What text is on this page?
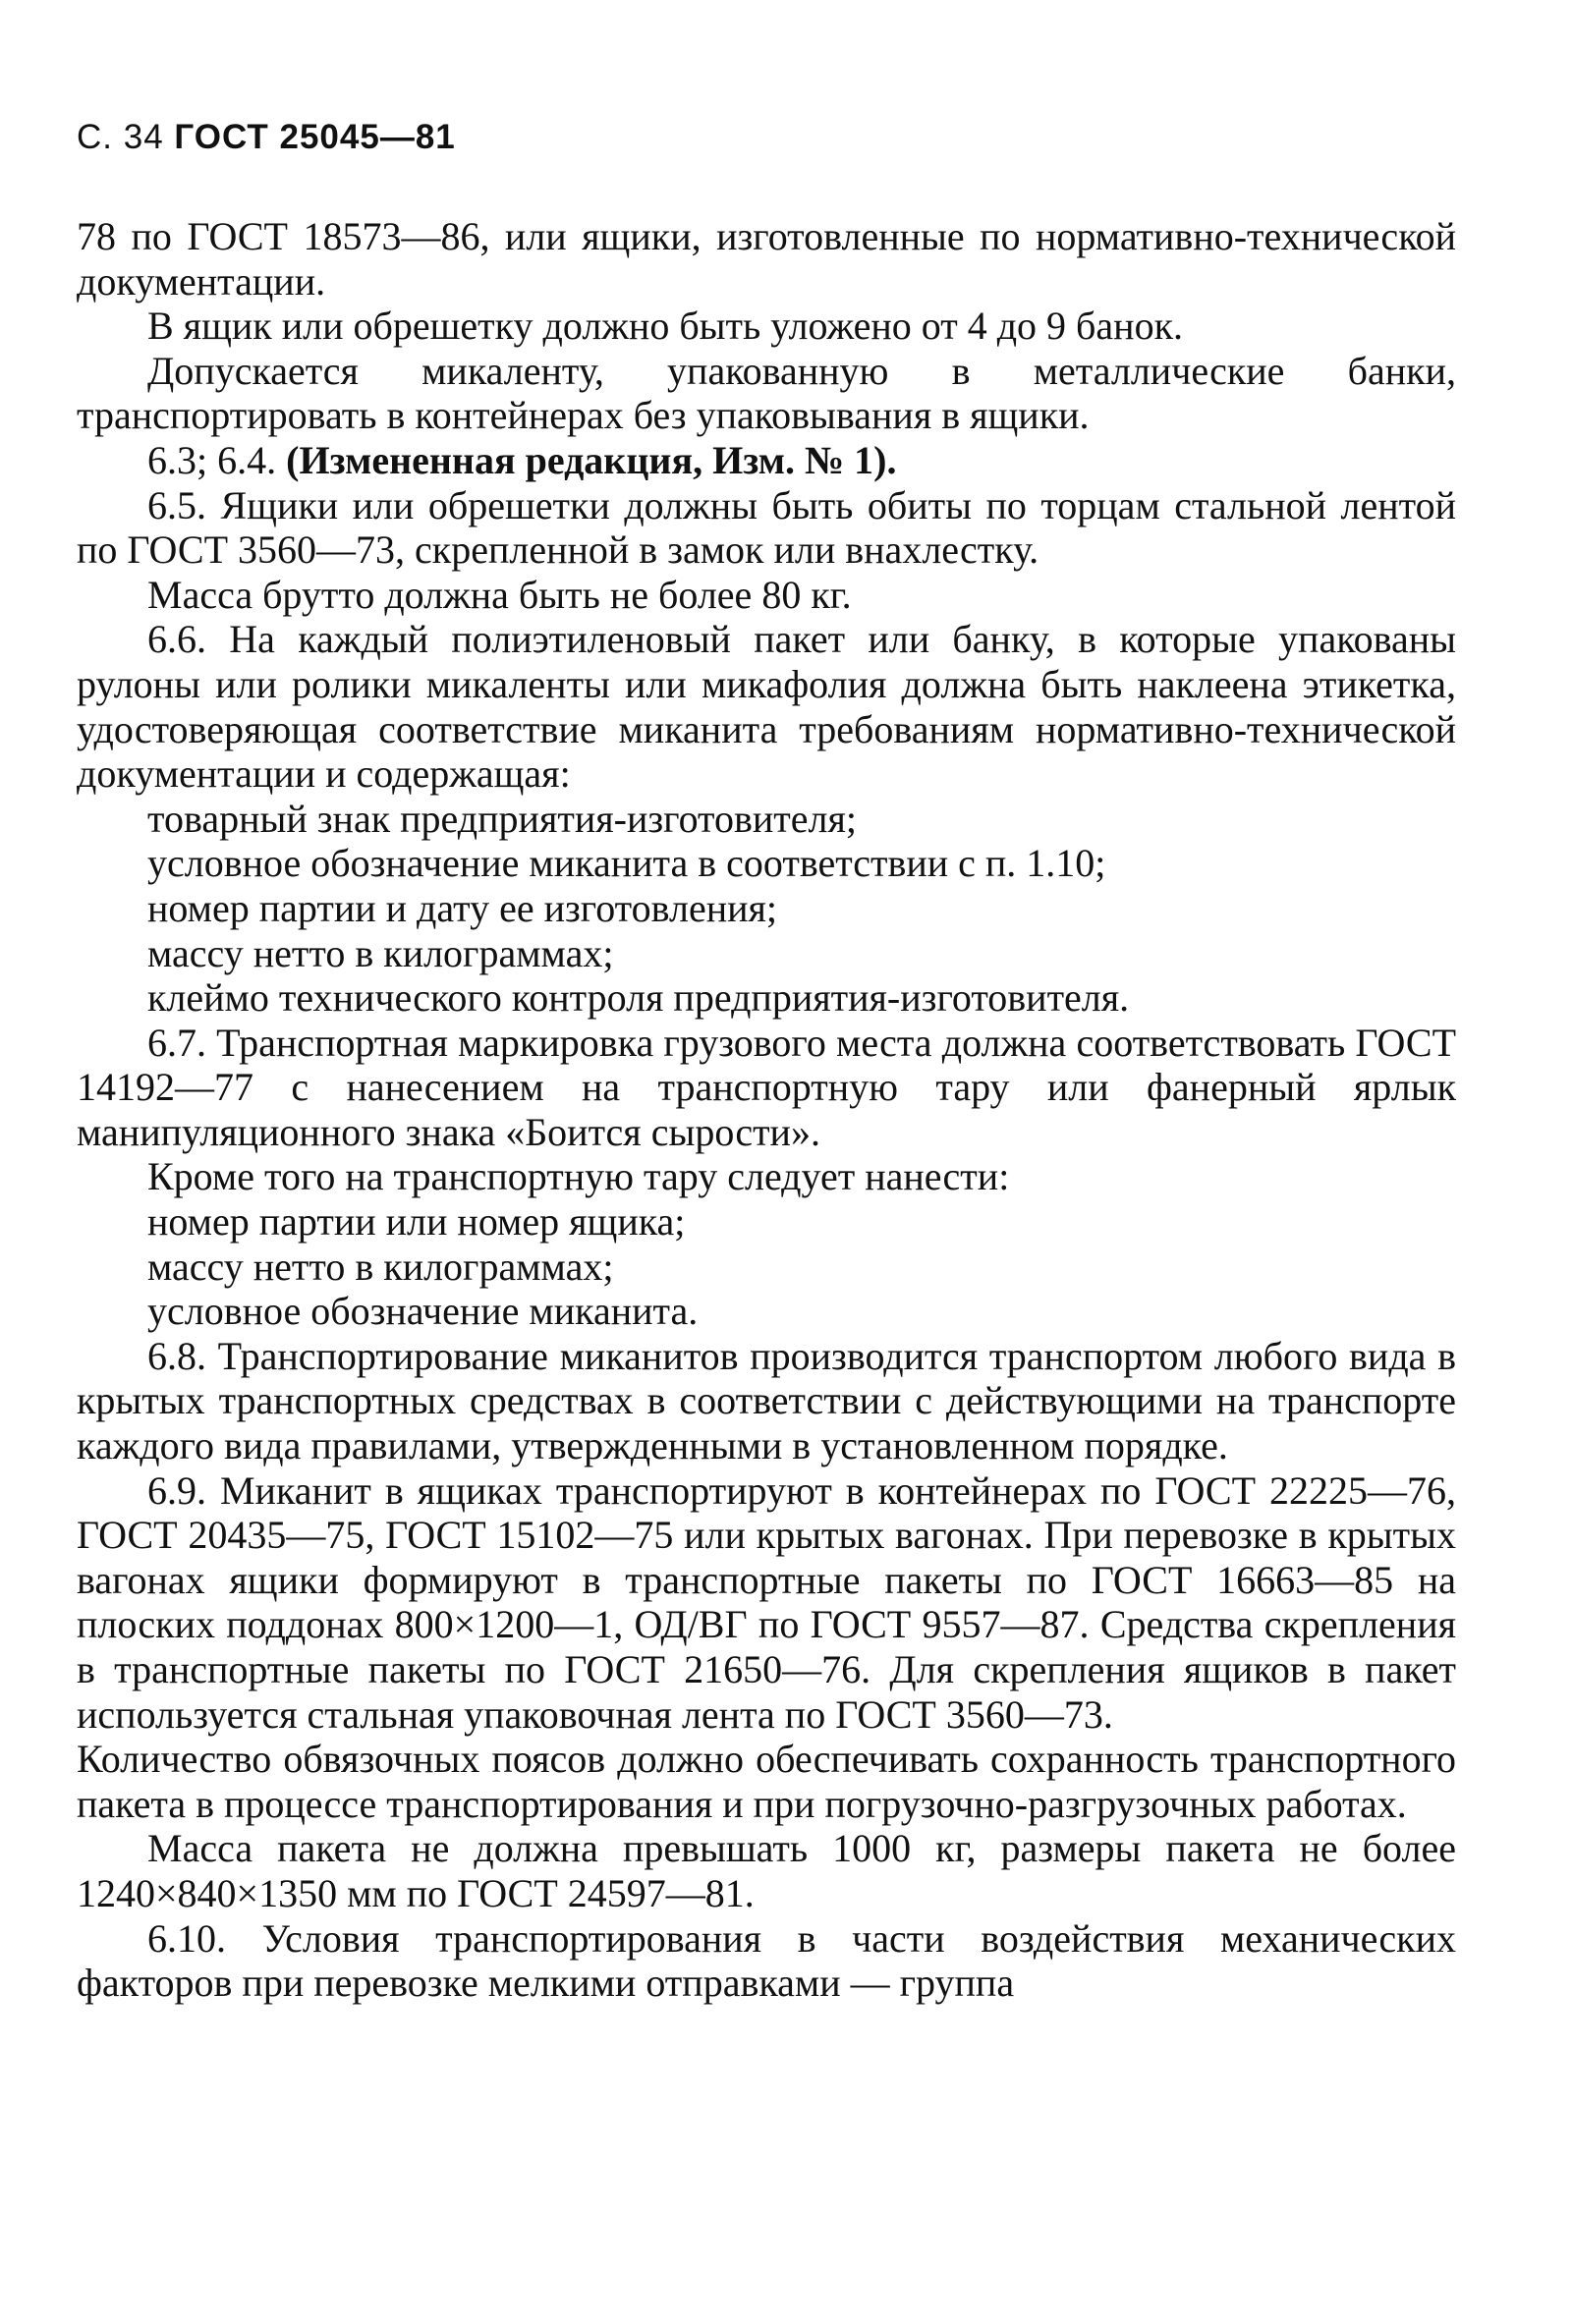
С. 34 ГОСТ 25045—81

78 по ГОСТ 18573—86, или ящики, изготовленные по нормативно-технической документации.

В ящик или обрешетку должно быть уложено от 4 до 9 банок.

Допускается микаленту, упакованную в металлические банки, транспортировать в контейнерах без упаковывания в ящики.

6.3; 6.4. (Измененная редакция, Изм. № 1).

6.5. Ящики или обрешетки должны быть обиты по торцам стальной лентой по ГОСТ 3560—73, скрепленной в замок или внахлестку.

Масса брутто должна быть не более 80 кг.

6.6. На каждый полиэтиленовый пакет или банку, в которые упакованы рулоны или ролики микаленты или микафолия должна быть наклеена этикетка, удостоверяющая соответствие миканита требованиям нормативно-технической документации и содержащая:

товарный знак предприятия-изготовителя;

условное обозначение миканита в соответствии с п. 1.10;

номер партии и дату ее изготовления;

массу нетто в килограммах;

клеймо технического контроля предприятия-изготовителя.

6.7. Транспортная маркировка грузового места должна соответствовать ГОСТ 14192—77 с нанесением на транспортную тару или фанерный ярлык манипуляционного знака «Боится сырости».

Кроме того на транспортную тару следует нанести:

номер партии или номер ящика;

массу нетто в килограммах;

условное обозначение миканита.

6.8. Транспортирование миканитов производится транспортом любого вида в крытых транспортных средствах в соответствии с действующими на транспорте каждого вида правилами, утвержденными в установленном порядке.

6.9. Миканит в ящиках транспортируют в контейнерах по ГОСТ 22225—76, ГОСТ 20435—75, ГОСТ 15102—75 или крытых вагонах. При перевозке в крытых вагонах ящики формируют в транспортные пакеты по ГОСТ 16663—85 на плоских поддонах 800×1200—1, ОД/ВГ по ГОСТ 9557—87. Средства скрепления в транспортные пакеты по ГОСТ 21650—76. Для скрепления ящиков в пакет используется стальная упаковочная лента по ГОСТ 3560—73.

Количество обвязочных поясов должно обеспечивать сохранность транспортного пакета в процессе транспортирования и при погрузочно-разгрузочных работах.

Масса пакета не должна превышать 1000 кг, размеры пакета не более 1240×840×1350 мм по ГОСТ 24597—81.

6.10. Условия транспортирования в части воздействия механических факторов при перевозке мелкими отправками — группа
